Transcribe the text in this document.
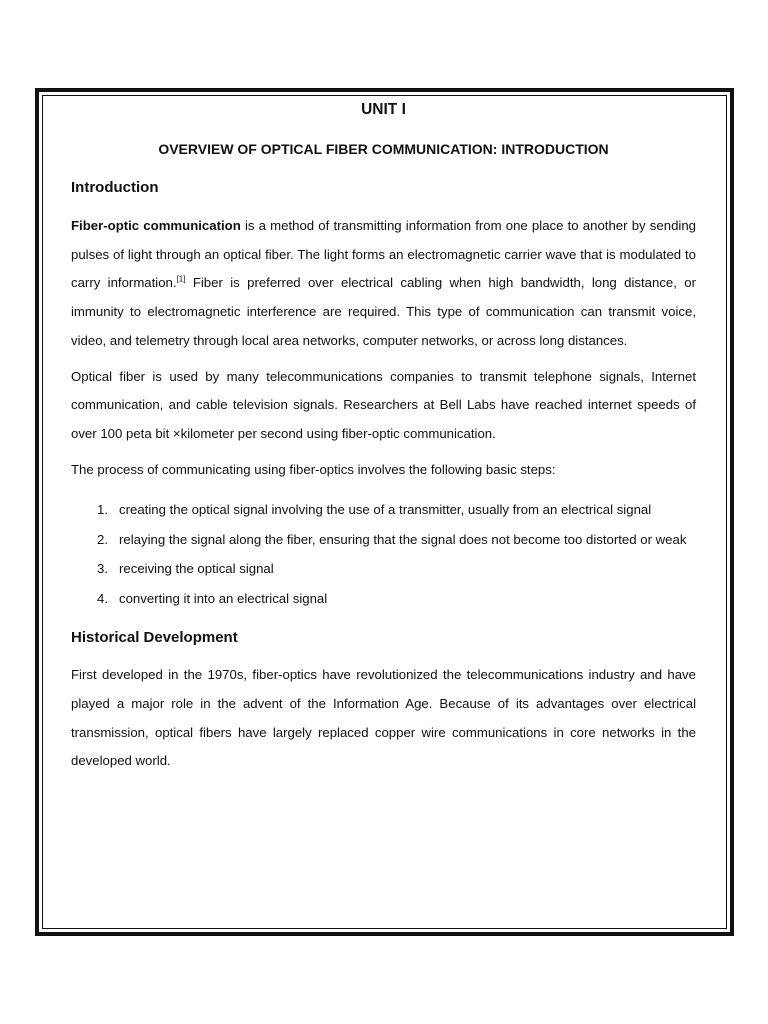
UNIT I
OVERVIEW OF OPTICAL FIBER COMMUNICATION: INTRODUCTION
Introduction

Fiber-optic communication is a method of transmitting information from one place to another by sending pulses of light through an optical fiber. The light forms an electromagnetic carrier wave that is modulated to carry information.[1] Fiber is preferred over electrical cabling when high bandwidth, long distance, or immunity to electromagnetic interference are required. This type of communication can transmit voice, video, and telemetry through local area networks, computer networks, or across long distances.

Optical fiber is used by many telecommunications companies to transmit telephone signals, Internet communication, and cable television signals. Researchers at Bell Labs have reached internet speeds of over 100 peta bit ×kilometer per second using fiber-optic communication.

The process of communicating using fiber-optics involves the following basic steps:

1. creating the optical signal involving the use of a transmitter, usually from an electrical signal
2. relaying the signal along the fiber, ensuring that the signal does not become too distorted or weak
3. receiving the optical signal
4. converting it into an electrical signal
Historical Development

First developed in the 1970s, fiber-optics have revolutionized the telecommunications industry and have played a major role in the advent of the Information Age. Because of its advantages over electrical transmission, optical fibers have largely replaced copper wire communications in core networks in the developed world.
